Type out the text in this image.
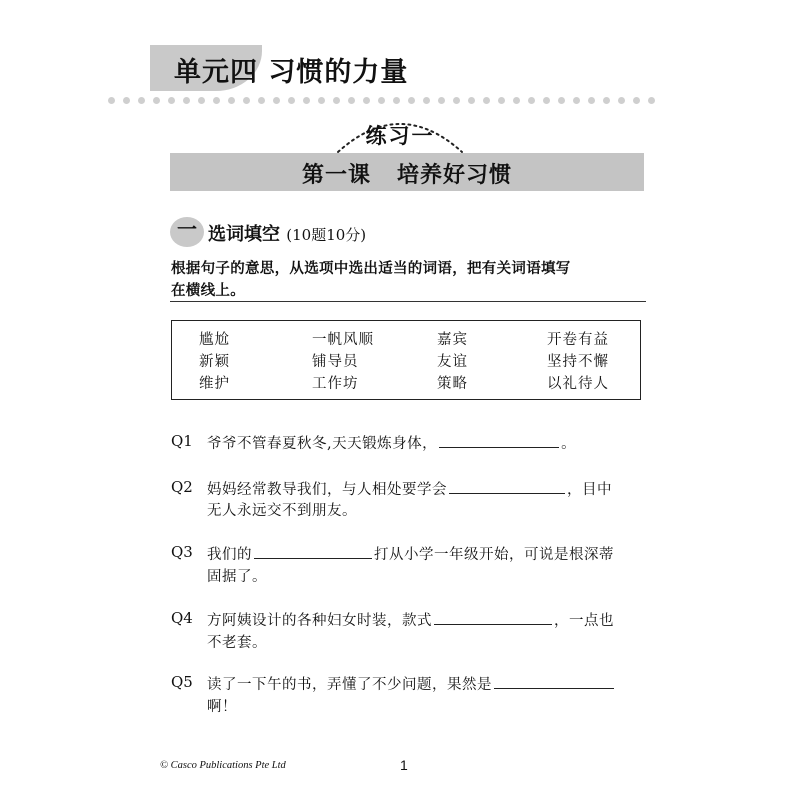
单元四 习惯的力量
练习一
第一课   培养好习惯
一 选词填空 (10题10分)
根据句子的意思，从选项中选出适当的词语，把有关词语填写
在横线上。
尴尬	一帆风顺	嘉宾	开卷有益
新颖	铺导员	友谊	坚持不懈
维护	工作坊	策略	以礼待人
Q1 爷爷不管春夏秋冬,天天锻炼身体，	。
Q2 妈妈经常教导我们，与人相处要学会	，目中
无人永远交不到朋友。
Q3 我们的	打从小学一年级开始，可说是根深蒂
固据了。
Q4 方阿姨设计的各种妇女时装，款式	，一点也
不老套。
Q5 读了一下午的书，弄懂了不少问题，果然是
啊！
© Casco Publications Pte Ltd	1
